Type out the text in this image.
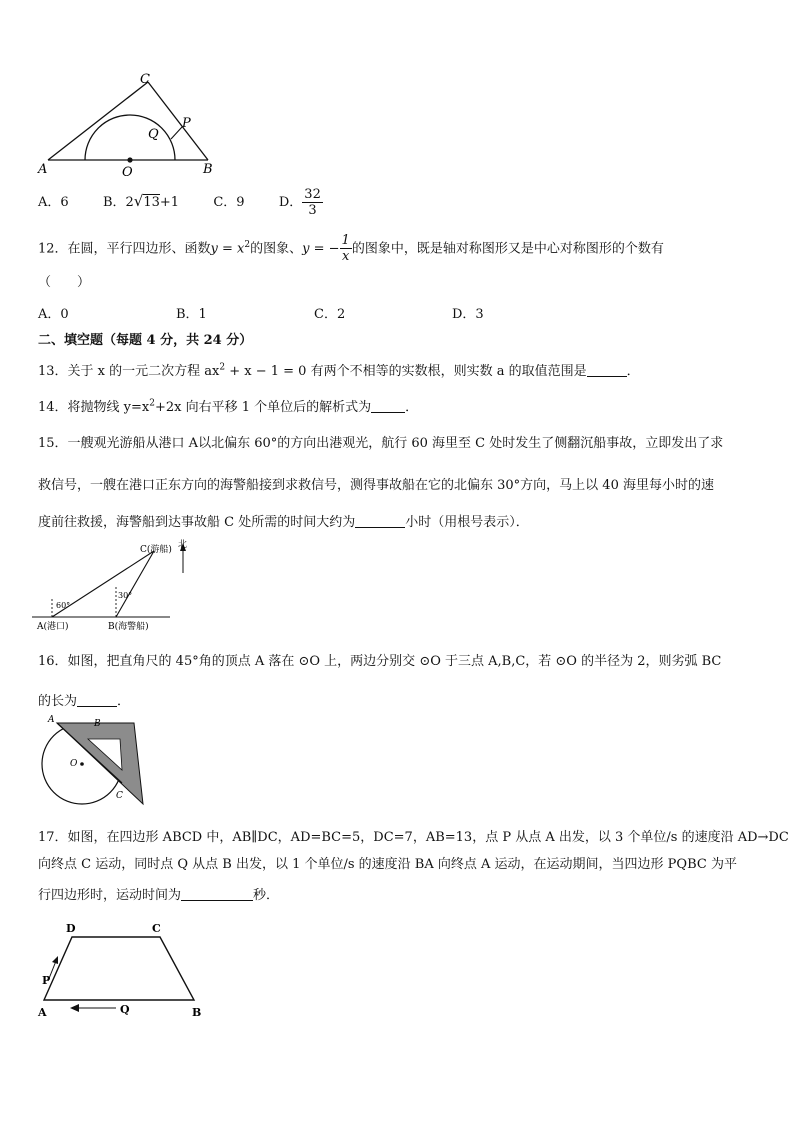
A	O	B
C
P
Q
A．6	B．2√13+1	C．9	D． $\frac{32}{3}$
12．在圆，平行四边形、函数$y = x^2$的图象、y = − $\frac{1}{x}$ 的图象中，既是轴对称图形又是中心对称图形的个数有
（　　）
A．0	B．1	C．2	D．3
二、填空题（每题 4 分，共 24 分）
13．关于 x 的一元二次方程 $ax^2 + x - 1 = 0$ 有两个不相等的实数根，则实数 a 的取值范围是	．
14．将抛物线 $y=x^2+2x$ 向右平移 1 个单位后的解析式为	．
15．一艘观光游船从港口 A以北偏东 60°的方向出港观光，航行 60 海里至 C 处时发生了侧翻沉船事故，立即发出了求
救信号，一艘在港口正东方向的海警船接到求救信号，测得事故船在它的北偏东 30°方向，马上以 40 海里每小时的速
度前往救援，海警船到达事故船 C 处所需的时间大约为	小时（用根号表示）．
C(游船) 北
60°
30°
A(港口)	B(海警船)
16．如图，把直角尺的 45°角的顶点 A 落在 ⊙O 上，两边分别交 ⊙O 于三点 A,B,C，若 ⊙O 的半径为 2，则劣弧 BC
的长为	．
A	B
C
O
17．如图，在四边形 ABCD 中，AB∥DC，AD=BC=5，DC=7，AB=13，点 P 从点 A 出发，以 3 个单位/s 的速度沿 AD→DC
向终点 C 运动，同时点 Q 从点 B 出发，以 1 个单位/s 的速度沿 BA 向终点 A 运动，在运动期间，当四边形 PQBC 为平
行四边形时，运动时间为	秒．
D	C
P
A	Q	B
